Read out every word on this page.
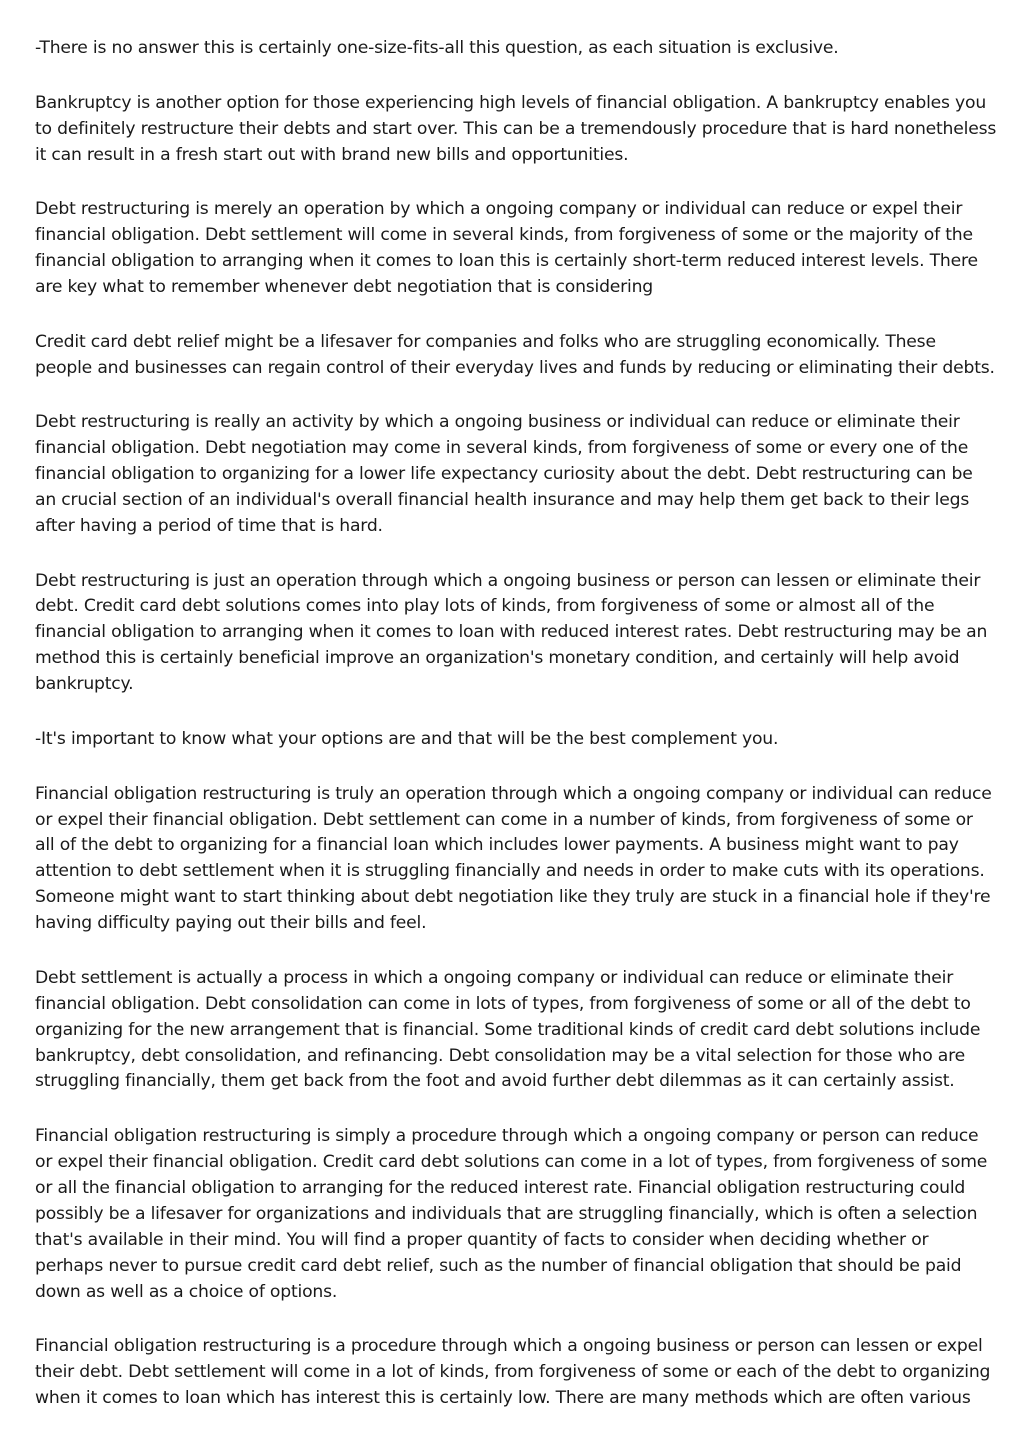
-There is no answer this is certainly one-size-fits-all this question, as each situation is exclusive.

Bankruptcy is another option for those experiencing high levels of financial obligation. A bankruptcy enables you to definitely restructure their debts and start over. This can be a tremendously procedure that is hard nonetheless it can result in a fresh start out with brand new bills and opportunities.

Debt restructuring is merely an operation by which a ongoing company or individual can reduce or expel their financial obligation. Debt settlement will come in several kinds, from forgiveness of some or the majority of the financial obligation to arranging when it comes to loan this is certainly short-term reduced interest levels. There are key what to remember whenever debt negotiation that is considering

Credit card debt relief might be a lifesaver for companies and folks who are struggling economically. These people and businesses can regain control of their everyday lives and funds by reducing or eliminating their debts.

Debt restructuring is really an activity by which a ongoing business or individual can reduce or eliminate their financial obligation. Debt negotiation may come in several kinds, from forgiveness of some or every one of the financial obligation to organizing for a lower life expectancy curiosity about the debt. Debt restructuring can be an crucial section of an individual's overall financial health insurance and may help them get back to their legs after having a period of time that is hard.

Debt restructuring is just an operation through which a ongoing business or person can lessen or eliminate their debt. Credit card debt solutions comes into play lots of kinds, from forgiveness of some or almost all of the financial obligation to arranging when it comes to loan with reduced interest rates. Debt restructuring may be an method this is certainly beneficial improve an organization's monetary condition, and certainly will help avoid bankruptcy.

-It's important to know what your options are and that will be the best complement you.

Financial obligation restructuring is truly an operation through which a ongoing company or individual can reduce or expel their financial obligation. Debt settlement can come in a number of kinds, from forgiveness of some or all of the debt to organizing for a financial loan which includes lower payments. A business might want to pay attention to debt settlement when it is struggling financially and needs in order to make cuts with its operations. Someone might want to start thinking about debt negotiation like they truly are stuck in a financial hole if they're having difficulty paying out their bills and feel.

Debt settlement is actually a process in which a ongoing company or individual can reduce or eliminate their financial obligation. Debt consolidation can come in lots of types, from forgiveness of some or all of the debt to organizing for the new arrangement that is financial. Some traditional kinds of credit card debt solutions include bankruptcy, debt consolidation, and refinancing. Debt consolidation may be a vital selection for those who are struggling financially, them get back from the foot and avoid further debt dilemmas as it can certainly assist.

Financial obligation restructuring is simply a procedure through which a ongoing company or person can reduce or expel their financial obligation. Credit card debt solutions can come in a lot of types, from forgiveness of some or all the financial obligation to arranging for the reduced interest rate. Financial obligation restructuring could possibly be a lifesaver for organizations and individuals that are struggling financially, which is often a selection that's available in their mind. You will find a proper quantity of facts to consider when deciding whether or perhaps never to pursue credit card debt relief, such as the number of financial obligation that should be paid down as well as a choice of options.

Financial obligation restructuring is a procedure through which a ongoing business or person can lessen or expel their debt. Debt settlement will come in a lot of kinds, from forgiveness of some or each of the debt to organizing when it comes to loan which has interest this is certainly low. There are many methods which are often various
